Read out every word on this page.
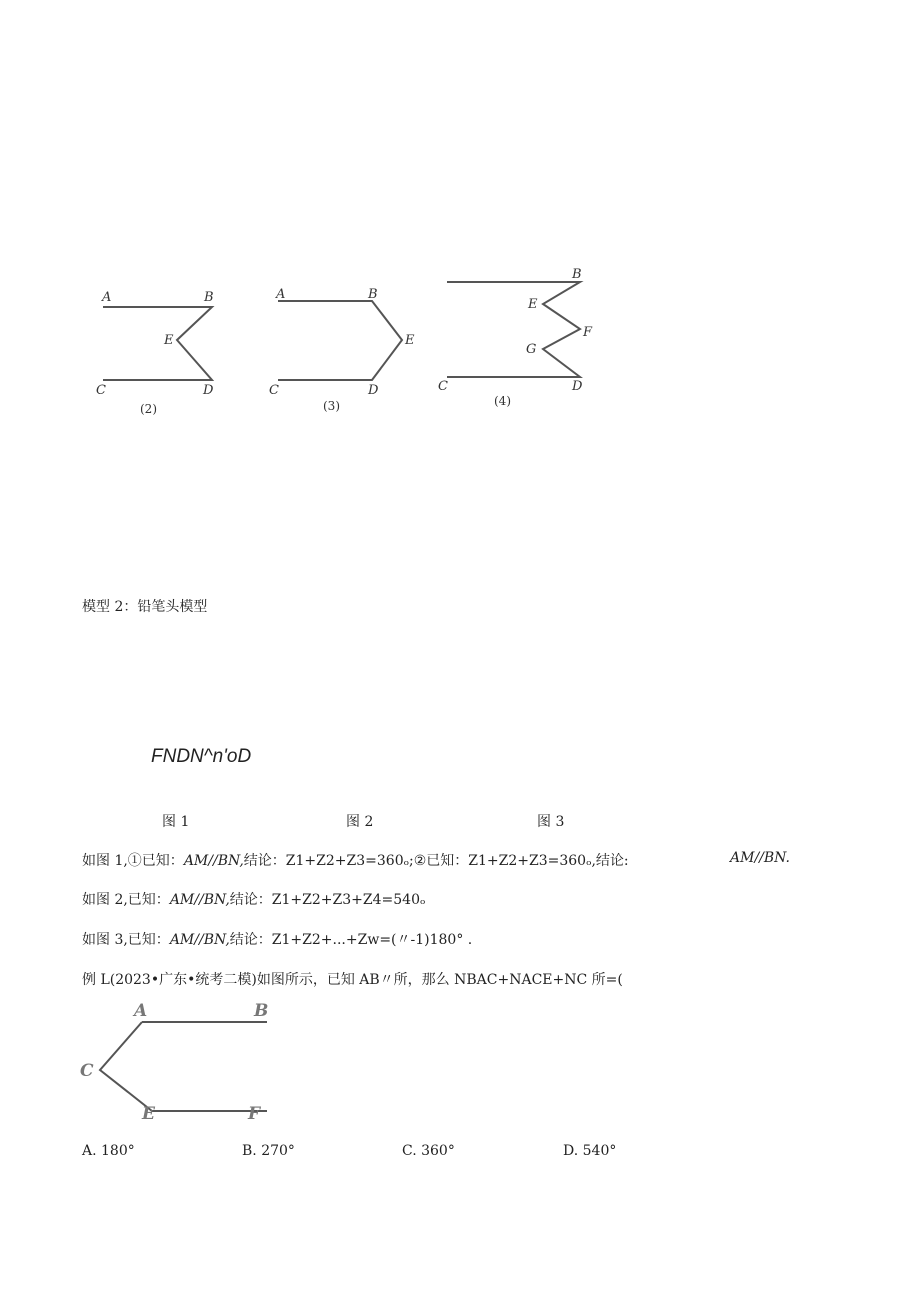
A	B
E
C	D
(2)
A	B
E
C	D
(3)
B
E
F
G
C	D
(4)
模型 2：铅笔头模型
FNDN^n'oD
图 1	图 2	图 3
如图 1,①已知：AM//BN,结论：Z1+Z2+Z3=360ₒ;②已知：Z1+Z2+Z3=360ₒ,结论:	AM//BN.
如图 2,已知：AM//BN,结论：Z1+Z2+Z3+Z4=540ₒ
如图 3,已知：AM//BN,结论：Z1+Z2+...+Zw=(〃-1)180° .
例 L(2023•广东•统考二模)如图所示，已知 AB〃所，那么 NBAC+NACE+NC 所=(
A	B
C
E	F
A. 180°	B. 270°	C. 360°	D. 540°
